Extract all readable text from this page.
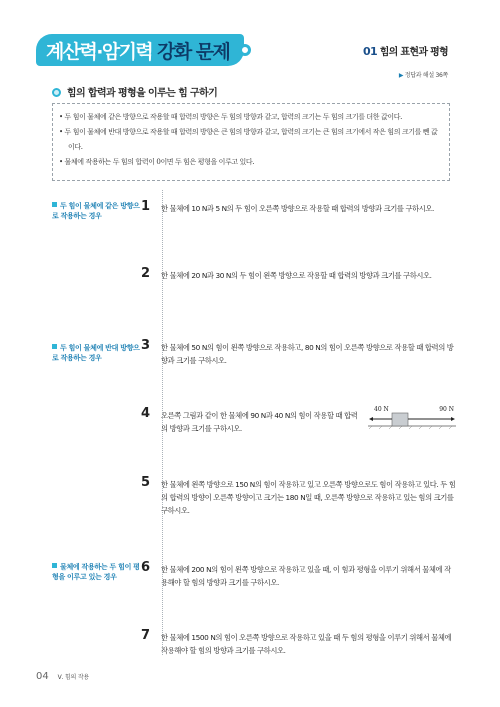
계산력·암기력 강화 문제	01 힘의 표현과 평형
▶ 정답과 해설 36쪽
힘의 합력과 평형을 이루는 힘 구하기
• 두 힘이 물체에 같은 방향으로 작용할 때 합력의 방향은 두 힘의 방향과 같고, 합력의 크기는 두 힘의 크기를 더한 값이다.
• 두 힘이 물체에 반대 방향으로 작용할 때 합력의 방향은 큰 힘의 방향과 같고, 합력의 크기는 큰 힘의 크기에서 작은 힘의 크기를 뺀 값이다.
• 물체에 작용하는 두 힘의 합력이 0이면 두 힘은 평형을 이루고 있다.
두 힘이 물체에 같은 방향으로 작용하는 경우
두 힘이 물체에 반대 방향으로 작용하는 경우
물체에 작용하는 두 힘이 평형을 이루고 있는 경우
1 한 물체에 10 N과 5 N의 두 힘이 오른쪽 방향으로 작용할 때 합력의 방향과 크기를 구하시오.
2 한 물체에 20 N과 30 N의 두 힘이 왼쪽 방향으로 작용할 때 합력의 방향과 크기를 구하시오.
3 한 물체에 50 N의 힘이 왼쪽 방향으로 작용하고, 80 N의 힘이 오른쪽 방향으로 작용할 때 합력의 방향과 크기를 구하시오.
4 오른쪽 그림과 같이 한 물체에 90 N과 40 N의 힘이 작용할 때 합력의 방향과 크기를 구하시오.
40 N	90 N
5 한 물체에 왼쪽 방향으로 150 N의 힘이 작용하고 있고 오른쪽 방향으로도 힘이 작용하고 있다. 두 힘의 합력의 방향이 오른쪽 방향이고 크기는 180 N일 때, 오른쪽 방향으로 작용하고 있는 힘의 크기를 구하시오.
6 한 물체에 200 N의 힘이 왼쪽 방향으로 작용하고 있을 때, 이 힘과 평형을 이루기 위해서 물체에 작용해야 할 힘의 방향과 크기를 구하시오.
7 한 물체에 1500 N의 힘이 오른쪽 방향으로 작용하고 있을 때 두 힘의 평형을 이루기 위해서 물체에 작용해야 할 힘의 방향과 크기를 구하시오.
04 Ⅴ. 힘의 작용
